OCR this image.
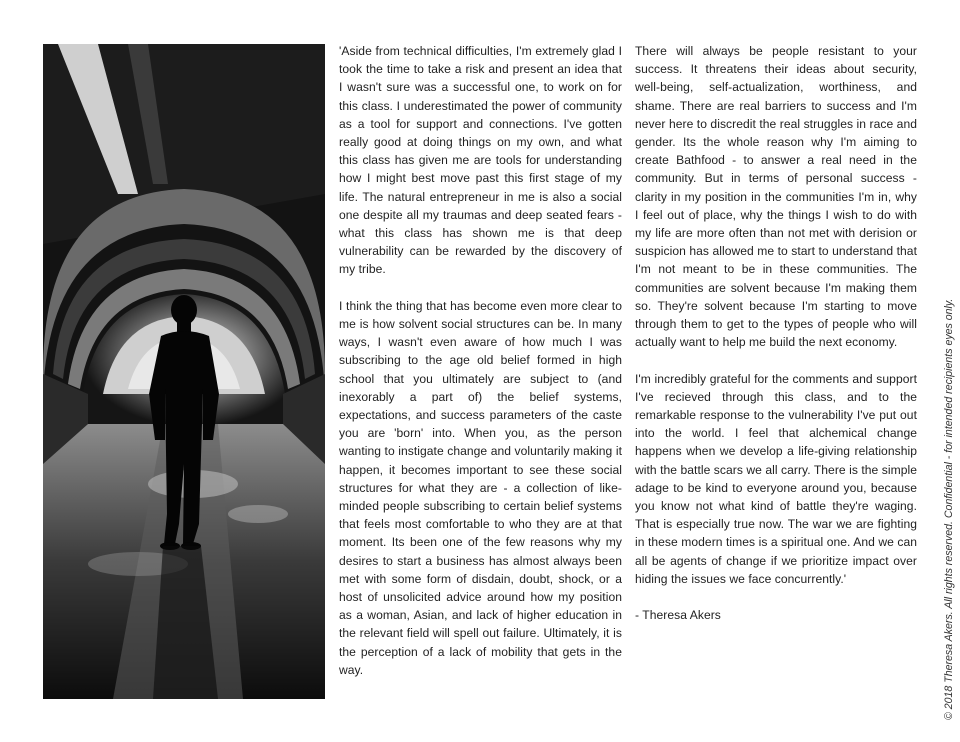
'Aside from technical difficulties, I'm extremely glad I took the time to take a risk and present an idea that I wasn't sure was a successful one, to work on for this class. I underestimated the power of community as a tool for support and connections. I've gotten really good at doing things on my own, and what this class has given me are tools for understanding how I might best move past this first stage of my life. The natural entrepreneur in me is also a social one despite all my traumas and deep seated fears - what this class has shown me is that deep vulnerability can be rewarded by the discovery of my tribe.

I think the thing that has become even more clear to me is how solvent social structures can be. In many ways, I wasn't even aware of how much I was subscribing to the age old belief formed in high school that you ultimately are subject to (and inexorably a part of) the belief systems, expectations, and success parameters of the caste you are 'born' into. When you, as the person wanting to instigate change and voluntarily making it happen, it becomes important to see these social structures for what they are - a collection of like-minded people subscribing to certain belief systems that feels most comfortable to who they are at that moment. Its been one of the few reasons why my desires to start a business has almost always been met with some form of disdain, doubt, shock, or a host of unsolicited advice around how my position as a woman, Asian, and lack of higher education in the relevant field will spell out failure. Ultimately, it is the perception of a lack of mobility that gets in the way.

There will always be people resistant to your success. It threatens their ideas about security, well-being, self-actualization, worthiness, and shame. There are real barriers to success and I'm never here to discredit the real struggles in race and gender. Its the whole reason why I'm aiming to create Bathfood - to answer a real need in the community. But in terms of personal success - clarity in my position in the communities I'm in, why I feel out of place, why the things I wish to do with my life are more often than not met with derision or suspicion has allowed me to start to understand that I'm not meant to be in these communities. The communities are solvent because I'm making them so. They're solvent because I'm starting to move through them to get to the types of people who will actually want to help me build the next economy.

I'm incredibly grateful for the comments and support I've recieved through this class, and to the remarkable response to the vulnerability I've put out into the world. I feel that alchemical change happens when we develop a life-giving relationship with the battle scars we all carry. There is the simple adage to be kind to everyone around you, because you know not what kind of battle they're waging. That is especially true now. The war we are fighting in these modern times is a spiritual one. And we can all be agents of change if we prioritize impact over hiding the issues we face concurrently.'

- Theresa Akers	© 2018 Theresa Akers. All rights reserved. Confidential - for intended recipients eyes only.
